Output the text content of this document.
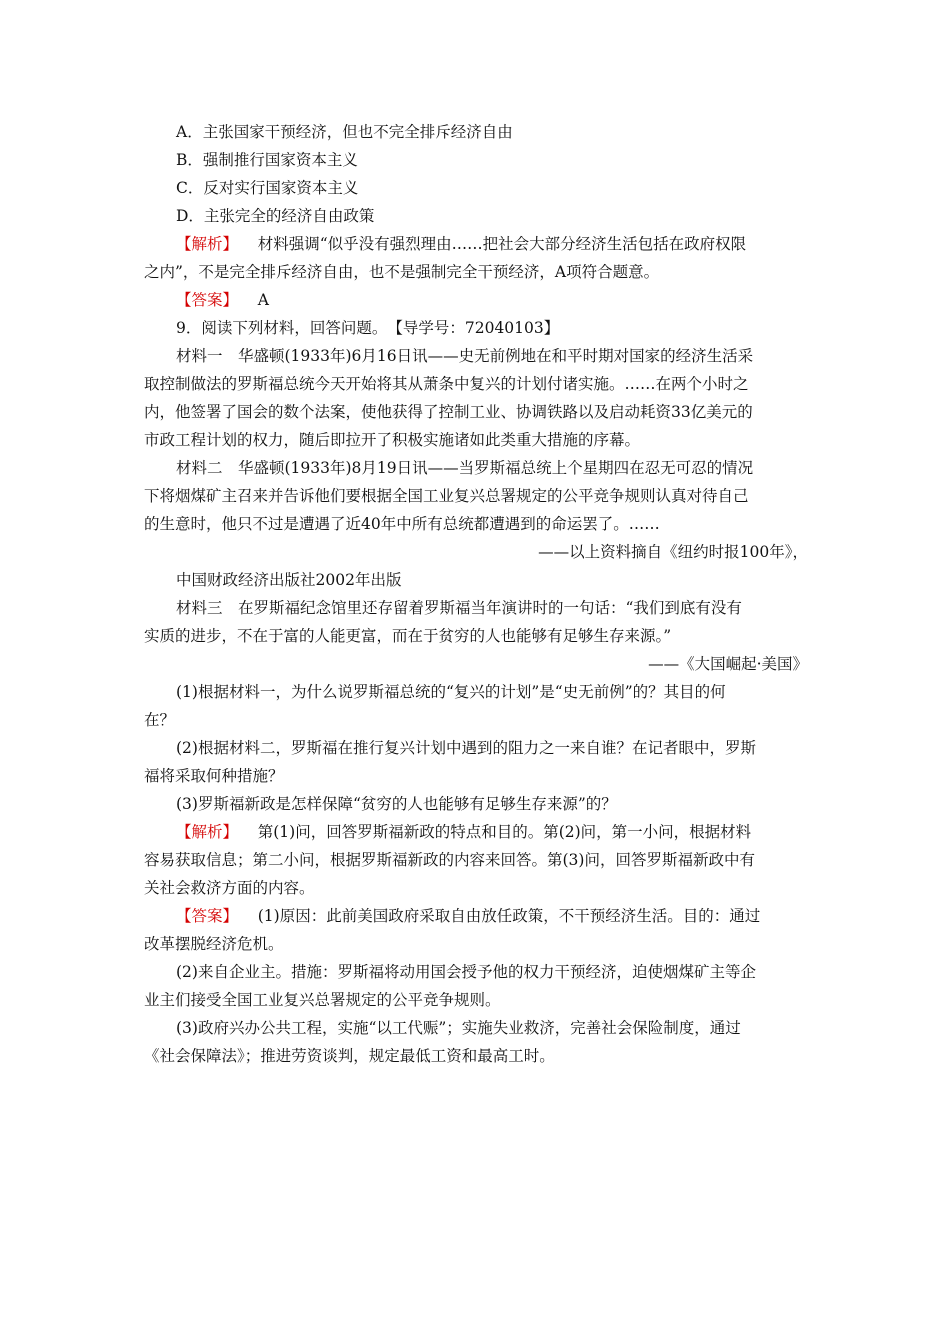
A．主张国家干预经济，但也不完全排斥经济自由
B．强制推行国家资本主义
C．反对实行国家资本主义
D．主张完全的经济自由政策
【解析】 材料强调“似乎没有强烈理由……把社会大部分经济生活包括在政府权限
之内”，不是完全排斥经济自由，也不是强制完全干预经济，A项符合题意。
【答案】 A
9．阅读下列材料，回答问题。　【导学号：72040103】
材料一　华盛顿(1933年)6月16日讯——史无前例地在和平时期对国家的经济生活采
取控制做法的罗斯福总统今天开始将其从萧条中复兴的计划付诸实施。……在两个小时之
内，他签署了国会的数个法案，使他获得了控制工业、协调铁路以及启动耗资33亿美元的
市政工程计划的权力，随后即拉开了积极实施诸如此类重大措施的序幕。
材料二　华盛顿(1933年)8月19日讯——当罗斯福总统上个星期四在忍无可忍的情况
下将烟煤矿主召来并告诉他们要根据全国工业复兴总署规定的公平竞争规则认真对待自己
的生意时，他只不过是遭遇了近40年中所有总统都遭遇到的命运罢了。……
——以上资料摘自《纽约时报100年》，
中国财政经济出版社2002年出版
材料三　在罗斯福纪念馆里还存留着罗斯福当年演讲时的一句话：“我们到底有没有
实质的进步，不在于富的人能更富，而在于贫穷的人也能够有足够生存来源。”
——《大国崛起·美国》
(1)根据材料一，为什么说罗斯福总统的“复兴的计划”是“史无前例”的？其目的何
在？
(2)根据材料二，罗斯福在推行复兴计划中遇到的阻力之一来自谁？在记者眼中，罗斯
福将采取何种措施？
(3)罗斯福新政是怎样保障“贫穷的人也能够有足够生存来源”的？
【解析】 第(1)问，回答罗斯福新政的特点和目的。第(2)问，第一小问，根据材料
容易获取信息；第二小问，根据罗斯福新政的内容来回答。第(3)问，回答罗斯福新政中有
关社会救济方面的内容。
【答案】 (1)原因：此前美国政府采取自由放任政策，不干预经济生活。目的：通过
改革摆脱经济危机。
(2)来自企业主。措施：罗斯福将动用国会授予他的权力干预经济，迫使烟煤矿主等企
业主们接受全国工业复兴总署规定的公平竞争规则。
(3)政府兴办公共工程，实施“以工代赈”；实施失业救济，完善社会保险制度，通过
《社会保障法》；推进劳资谈判，规定最低工资和最高工时。
